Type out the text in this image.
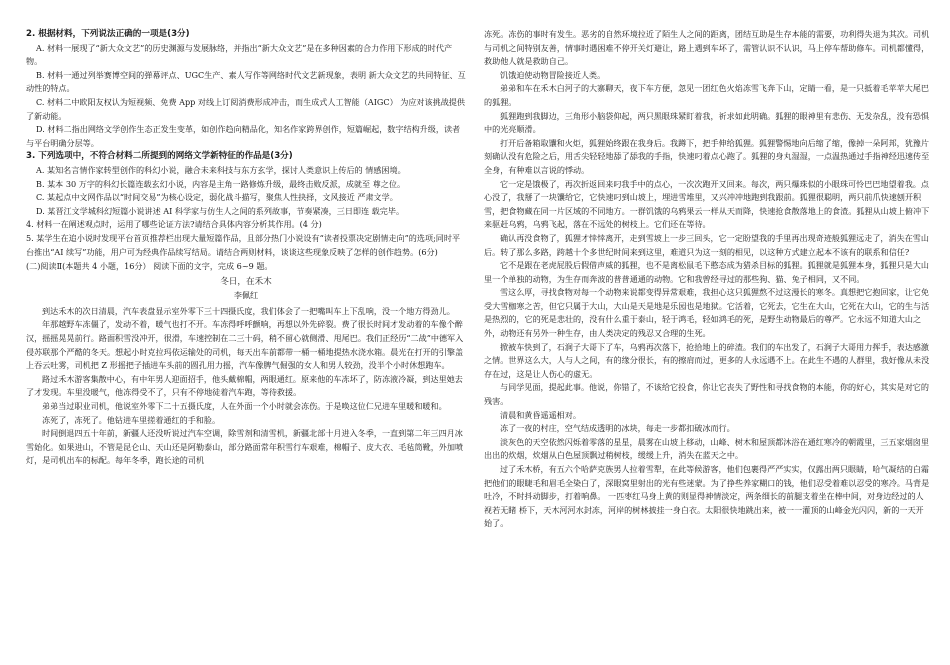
2. 根据材料，下列说法正确的一项是(3分)

A. 材料一展现了“新大众文艺”的历史渊源与发展脉络，并指出“新大众文艺”是在多种因素的合力作用下形成的时代产物。

B. 材料一通过列举赛博空间的弹幕评点、UGC生产、素人写作等网络时代文艺新现象，表明 新大众文艺的共同特征、互动性的特点。

C. 材料二中欧阳友权认为短视频、免费 App 对线上订阅消费形成冲击，而生成式人工智能（AIGC） 为应对该挑战提供了新动能。

D. 材料二指出网络文学创作生态正发生变革，如创作趋向精品化，知名作家跨界创作，短篇崛起，数字结构升级，读者与平台明确分层等。

3. 下列选项中，不符合材料二所提到的网络文学新特征的作品是(3分)

A. 某知名言情作家转型创作的科幻小说，融合未来科技与东方玄学，探讨人类意识上传后的 情感困境。

B. 某本 30 万字的科幻长篇连载玄幻小说，内容是主角一路修炼升级，最终击败反派，成就至 尊之位。

C. 某起点中文网作品以“时间交易”为核心设定，弱化战斗描写，聚焦人性抉择，文风接近 严肃文学。

D. 某晋江文学城科幻短篇小说讲述 AI 科学家与仿生人之间的系列故事，节奏紧凑，三日即连 载完毕。

4. 材料一在阐述观点时，运用了哪些论证方法?请结合具体内容分析其作用。(4 分)

5. 某学生在追小说时发现平台首页推荐栏出现大量短篇作品，且部分热门小说设有“读者投票决定剧情走向”的选项;同时平台推出“AI 续写”功能，用户可为经典作品续写结局。请结合两则材料，谈谈这些现象反映了怎样的创作趋势。(6分)

(二)阅读Ⅱ(本题共 4 小题，16分） 阅读下面的文字，完成 6~9 题。

冬日，在禾木

李佩红

到达禾木的次日清晨，汽车表盘显示室外零下三十四摄氏度，我们体会了一把嘴叫车上下乱响，没一个地方得劲儿。

年那越野车冻僵了，发动不着，暖气也打不开。车冻得呼呼颤响，再想以外先碎裂。费了很长时间才发动着的车像个醉汉，摇摇晃晃前行。路面积雪没冲开，很滑，车速控制在二三十码，稍不留心就侧滑、甩尾巴。我们正经历“二战”中德军入侵苏联那个严酷的冬天。想起小时克拉玛依运输处的司机，每天出车前都带一桶一桶地提热水浇水箱。晨光在打开的引擎盖上吞云吐雾，司机把 Z 形摇把子插进车头前的圆孔用力摇，汽车像脾气倔强的女人和男人较劲，没半个小时休想跑车。

路过禾木游客集散中心，有中年男人迎面招手，他头戴棉帽，两眼通红。原来他的车冻坏了，防冻液冷凝，到达里她去了才发现。车里没暖气，他冻得受不了，只有不停地徒着汽车跑，等待救援。

弟弟当过职业司机，他说室外零下二十五摄氏度，人在外面一个小时就会冻伤。于是唤这位仁兄进车里暖和暖和。

冻死了，冻死了。他钻进车里搓着通红的手和脸。

时间倒退四五十年前，新疆人还没听说过汽车空调，除雪剂和清雪机，新疆北部十月进入冬季，一直到第二年三四月冰雪始化。如果进山，不管是昆仑山、天山还是阿勒泰山，部分路面常年积雪行车艰难，棉帽子、皮大衣、毛毡筒靴，外加喷灯，是司机出车的标配。每年冬季，跑长途的司机

冻死。冻伤的事时有发生。恶劣的自然环境拉近了陌生人之间的距离，团结互助是生存本能的需要，功利得失退为其次。司机与司机之间特别友善，情事时遇困难不停开关灯避让，路上遇到车坏了，需管认识不认识，马上停车帮助修车。司机都懂得，救助他人就是救助自己。

饥饿迫使动物冒险接近人类。

弟弟和车在禾木白河子的大寨聊天，夜下车方便，忽见一团红色火焰冻雪飞奔下山，定睛一看，是一只抵着毛苹苹大尾巴的狐狸。

狐狸跑到我脚边，三角形小脑袋仰起，两只黑眼珠紧盯着我，祈求如此明确。狐狸的眼神里有悲伤、无发杂乱，没有恐惧中的光亮顺滑。

打开后备箱取馕和火炬，狐狸始终跟在我身后。我蹲下，把手伸给狐狸。狐狸警惕地向后缩了缩，像掉一朵阿邦，犹豫片刻确认没有危险之后，用舌尖轻轻地舔了舔我的手指，快速叼着点心跑了。狐狸的身丸湿湿，一点温热通过手指神经迅速传至全身，有种难以言说的悸动。

它一定是饿极了，再次折返回来叼我手中的点心，一次次跑开又回来。每次，两只爆珠似的小眼珠可怜巴巴地望着我。点心没了，我掰了一块馕给它，它快速叼到山坡上，埋进雪堆里，又兴冲冲地跑到我跟前。狐狸很聪明，两只前爪快速刨开积雪，把食物藏在同一片区域的不同地方。一群饥饿的乌鸦果云一样从天而降，快速抢食散落地上的食渣。狐狸从山坡上俯冲下来驱赶乌鸦，乌鸦飞起，落在不远处的树枝上。它们还在等待。

确认再没食物了，狐狸才悻悻离开，走到雪坡上一步三回头，它一定盼望我的手里再出现奇迹般狐狸远走了，消失在雪山后。转了那么多路，跨越十个多世纪时间来到这里，难道只为这一刻的相见，以这种方式建立起本不该有的联系和信任?

它不是跟在老虎屁股后假借声威的狐狸，也不是离松鼠毛下憨态成为猎杀目标的狐狸。狐狸就是狐狸本身，狐狸只是大山里一个单独的动物，为生存而奔波的普普通通的动物。它和我曾经寻过的那些狗、猫、兔子相同，又不同。

雪这么厚，寻找食物对每一个动物来说都变得异常艰难，我担心这只狐狸熬不过这漫长的寒冬。真想把它抱回家，让它免受大雪枷寒之苦，但它只属于大山，大山是天是地是乐园也是地狱。它活着，它死去，它生在大山，它死在大山，它的生与活是热烈的，它的死是悲壮的，没有什么重于泰山，轻于鸿毛，轻如鸿毛的死，是野生动物最后的尊严。它永远不知道大山之外，动物还有另外一种生存，由人类决定的残忍又合理的生死。

掀被车快到了，石涧子大哥下了车，乌鸦再次落下，抢拾地上的碎渣。我们的车出发了，石涧子大哥用力挥手，表达感激之情。世界这么大，人与人之间，有的缘分很长，有的擦肩而过，更多的人永远遇不上。在此生不遇的人群里，我好像从未没存在过，这是让人伤心的虚无。

与同学见面，提起此事。他说，你错了，不该给它投食，你让它丧失了野性和寻找食物的本能，你的好心，其实是对它的残害。

清晨和黄昏遥遥相对。

冻了一夜的村庄，空气结成透明的冰块，每走一步都扣破冰而行。

淡灰色的天空依然闪烁着零落的星星，晨雾在山坡上移动，山峰、树木和屋顶都沐浴在通红寒冷的朝霞里，三五家烟囱里出出的炊烟，炊烟从白色屋顶飘过稍树枝，缓缓上升，消失在蓝天之中。

过了禾木桥，有五六个哈萨克族男人拉着雪犁，在此等候游客，他们包裹得严严实实，仅露出两只眼睛，哈气凝结的白霜把他们的眼睫毛和眉毛全染白了，深眼窝里射出的光有些迷蒙。为了挣些养家糊口的钱，他们忍受着难以忍受的寒冷。马背是吐冷，不时抖动脚步，打着响鼻。 一匹枣红马身上黄的则显得神情淡定，两条细长的前腿支着坐在棒中间，对身边经过的人视若无睹 桥下，天木河河水封冻，河岸的树林披挂一身白衣。太阳很快地跳出来，被一一灌顶的山峰金光闪闪，新的一天开始了。
